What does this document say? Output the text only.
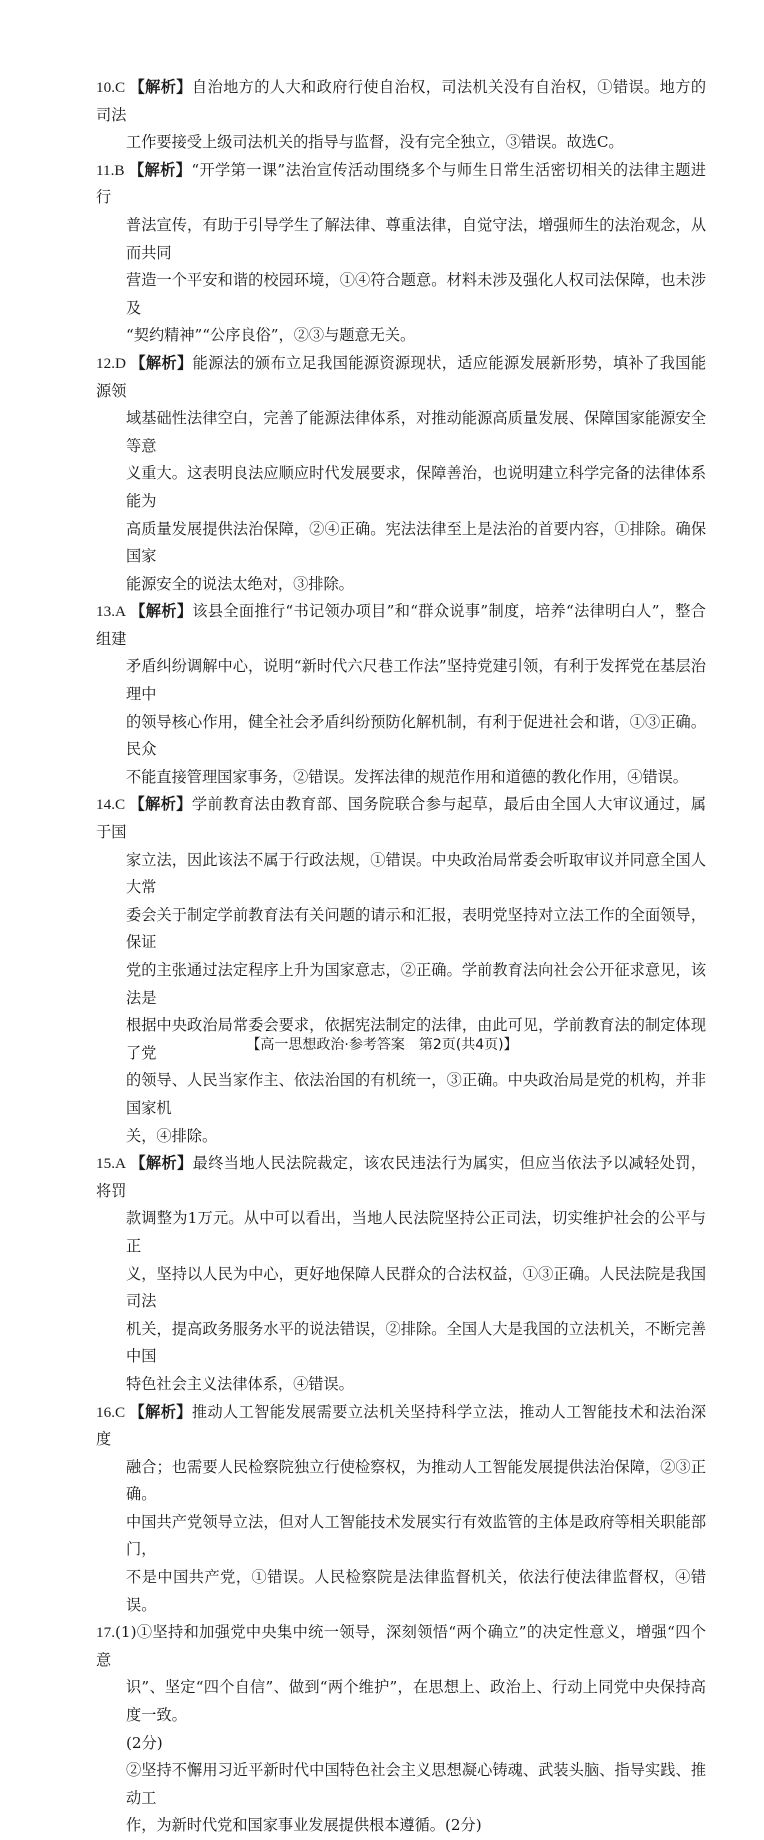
10.C 【解析】自治地方的人大和政府行使自治权，司法机关没有自治权，①错误。地方的司法
工作要接受上级司法机关的指导与监督，没有完全独立，③错误。故选C。
11.B 【解析】“开学第一课”法治宣传活动围绕多个与师生日常生活密切相关的法律主题进行
普法宣传，有助于引导学生了解法律、尊重法律，自觉守法，增强师生的法治观念，从而共同
营造一个平安和谐的校园环境，①④符合题意。材料未涉及强化人权司法保障，也未涉及
“契约精神”“公序良俗”，②③与题意无关。
12.D 【解析】能源法的颁布立足我国能源资源现状，适应能源发展新形势，填补了我国能源领
域基础性法律空白，完善了能源法律体系，对推动能源高质量发展、保障国家能源安全等意
义重大。这表明良法应顺应时代发展要求，保障善治，也说明建立科学完备的法律体系能为
高质量发展提供法治保障，②④正确。宪法法律至上是法治的首要内容，①排除。确保国家
能源安全的说法太绝对，③排除。
13.A 【解析】该县全面推行“书记领办项目”和“群众说事”制度，培养“法律明白人”，整合组建
矛盾纠纷调解中心，说明“新时代六尺巷工作法”坚持党建引领，有利于发挥党在基层治理中
的领导核心作用，健全社会矛盾纠纷预防化解机制，有利于促进社会和谐，①③正确。民众
不能直接管理国家事务，②错误。发挥法律的规范作用和道德的教化作用，④错误。
14.C 【解析】学前教育法由教育部、国务院联合参与起草，最后由全国人大审议通过，属于国
家立法，因此该法不属于行政法规，①错误。中央政治局常委会听取审议并同意全国人大常
委会关于制定学前教育法有关问题的请示和汇报，表明党坚持对立法工作的全面领导，保证
党的主张通过法定程序上升为国家意志，②正确。学前教育法向社会公开征求意见，该法是
根据中央政治局常委会要求，依据宪法制定的法律，由此可见，学前教育法的制定体现了党
的领导、人民当家作主、依法治国的有机统一，③正确。中央政治局是党的机构，并非国家机
关，④排除。
15.A 【解析】最终当地人民法院裁定，该农民违法行为属实，但应当依法予以减轻处罚，将罚
款调整为1万元。从中可以看出，当地人民法院坚持公正司法，切实维护社会的公平与正
义，坚持以人民为中心，更好地保障人民群众的合法权益，①③正确。人民法院是我国司法
机关，提高政务服务水平的说法错误，②排除。全国人大是我国的立法机关，不断完善中国
特色社会主义法律体系，④错误。
16.C 【解析】推动人工智能发展需要立法机关坚持科学立法，推动人工智能技术和法治深度
融合；也需要人民检察院独立行使检察权，为推动人工智能发展提供法治保障，②③正确。
中国共产党领导立法，但对人工智能技术发展实行有效监管的主体是政府等相关职能部门，
不是中国共产党，①错误。人民检察院是法律监督机关，依法行使法律监督权，④错误。
17.(1)①坚持和加强党中央集中统一领导，深刻领悟“两个确立”的决定性意义，增强“四个意
识”、坚定“四个自信”、做到“两个维护”，在思想上、政治上、行动上同党中央保持高度一致。
(2分)
②坚持不懈用习近平新时代中国特色社会主义思想凝心铸魂、武装头脑、指导实践、推动工
作，为新时代党和国家事业发展提供根本遵循。(2分)
【高一思想政治·参考答案　第2页(共4页)】
